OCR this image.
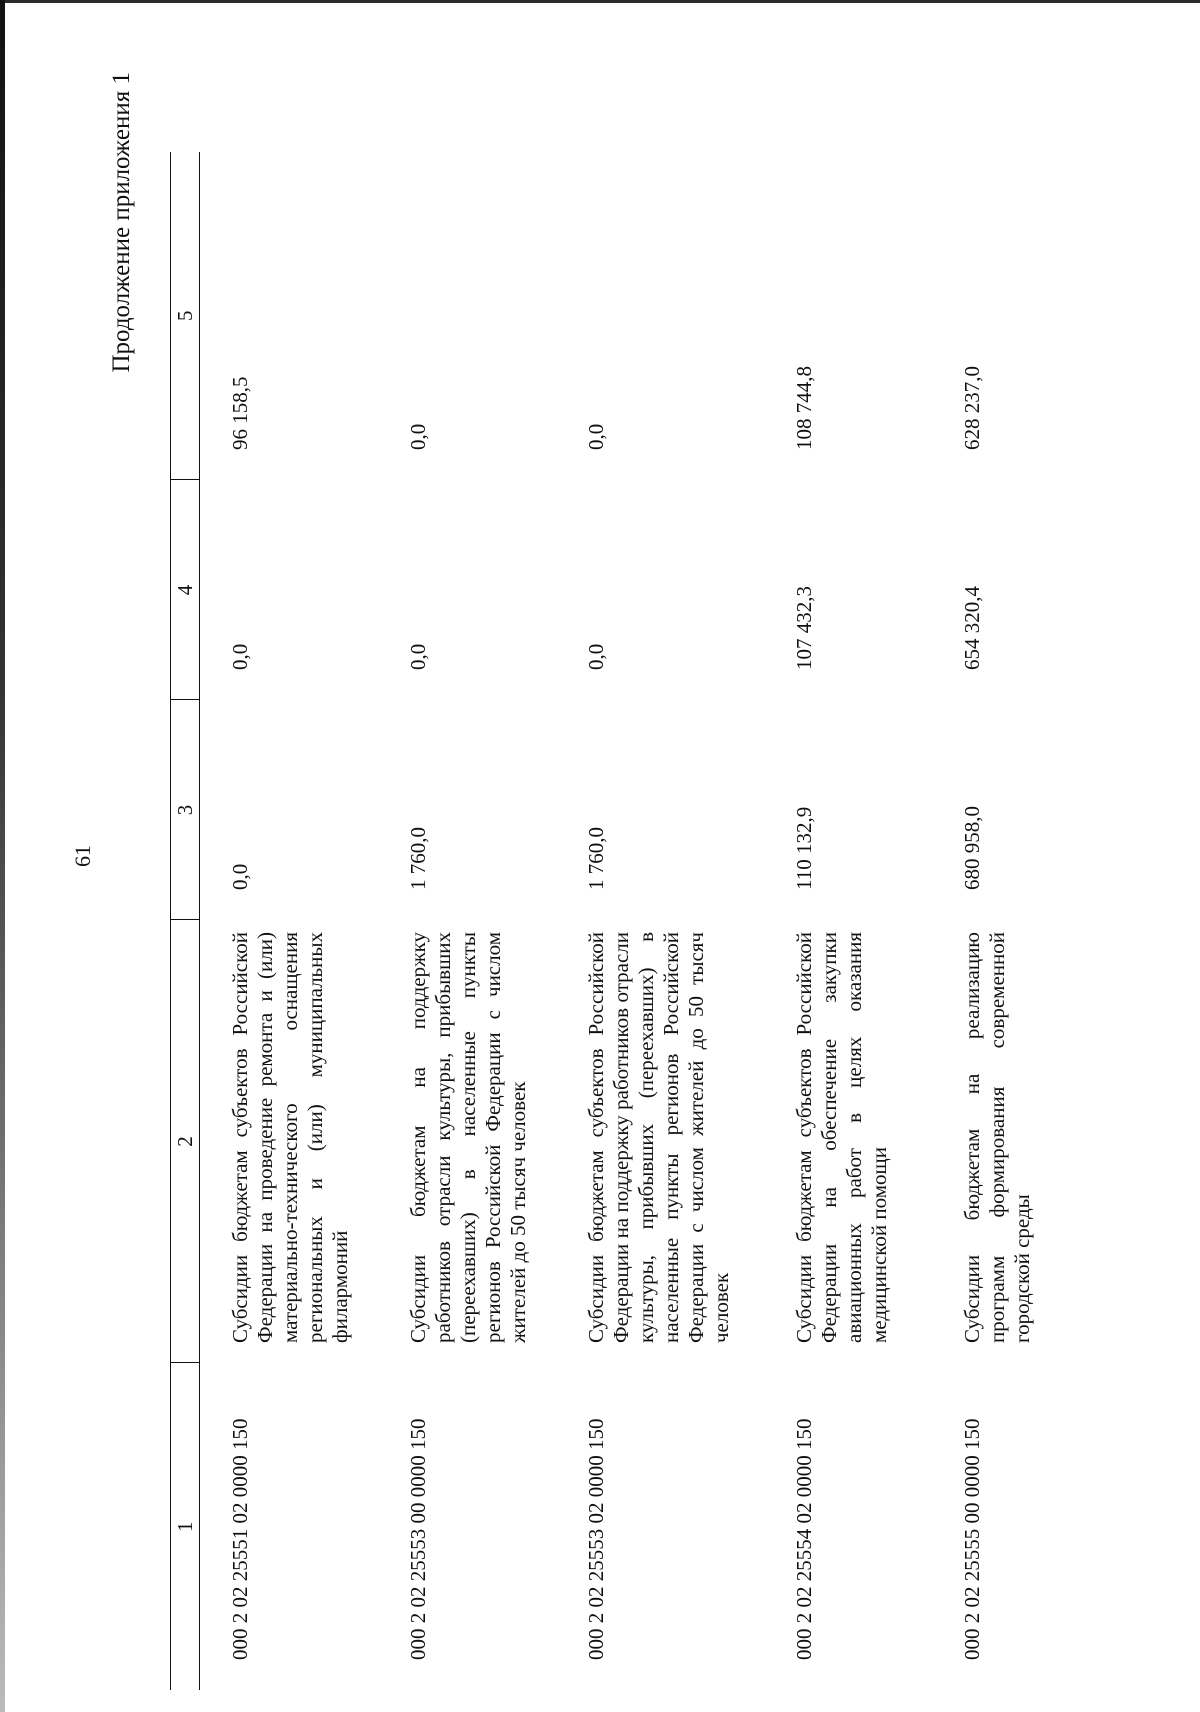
61
Продолжение приложения 1
1	2	3	4	5
000 2 02 25551 02 0000 150	Субсидии бюджетам субъектов Российской Федерации на проведение ремонта и (или) материально-технического оснащения региональных и (или) муниципальных филармоний	0,0	0,0	96 158,5
000 2 02 25553 00 0000 150	Субсидии бюджетам на поддержку работников отрасли культуры, прибывших (переехавших) в населенные пункты регионов Российской Федерации с числом жителей до 50 тысяч человек	1 760,0	0,0	0,0
000 2 02 25553 02 0000 150	Субсидии бюджетам субъектов Российской Федерации на поддержку работников отрасли культуры, прибывших (переехавших) в населенные пункты регионов Российской Федерации с числом жителей до 50 тысяч человек	1 760,0	0,0	0,0
000 2 02 25554 02 0000 150	Субсидии бюджетам субъектов Российской Федерации на обеспечение закупки авиационных работ в целях оказания медицинской помощи	110 132,9	107 432,3	108 744,8
000 2 02 25555 00 0000 150	Субсидии бюджетам на реализацию программ формирования современной городской среды	680 958,0	654 320,4	628 237,0
